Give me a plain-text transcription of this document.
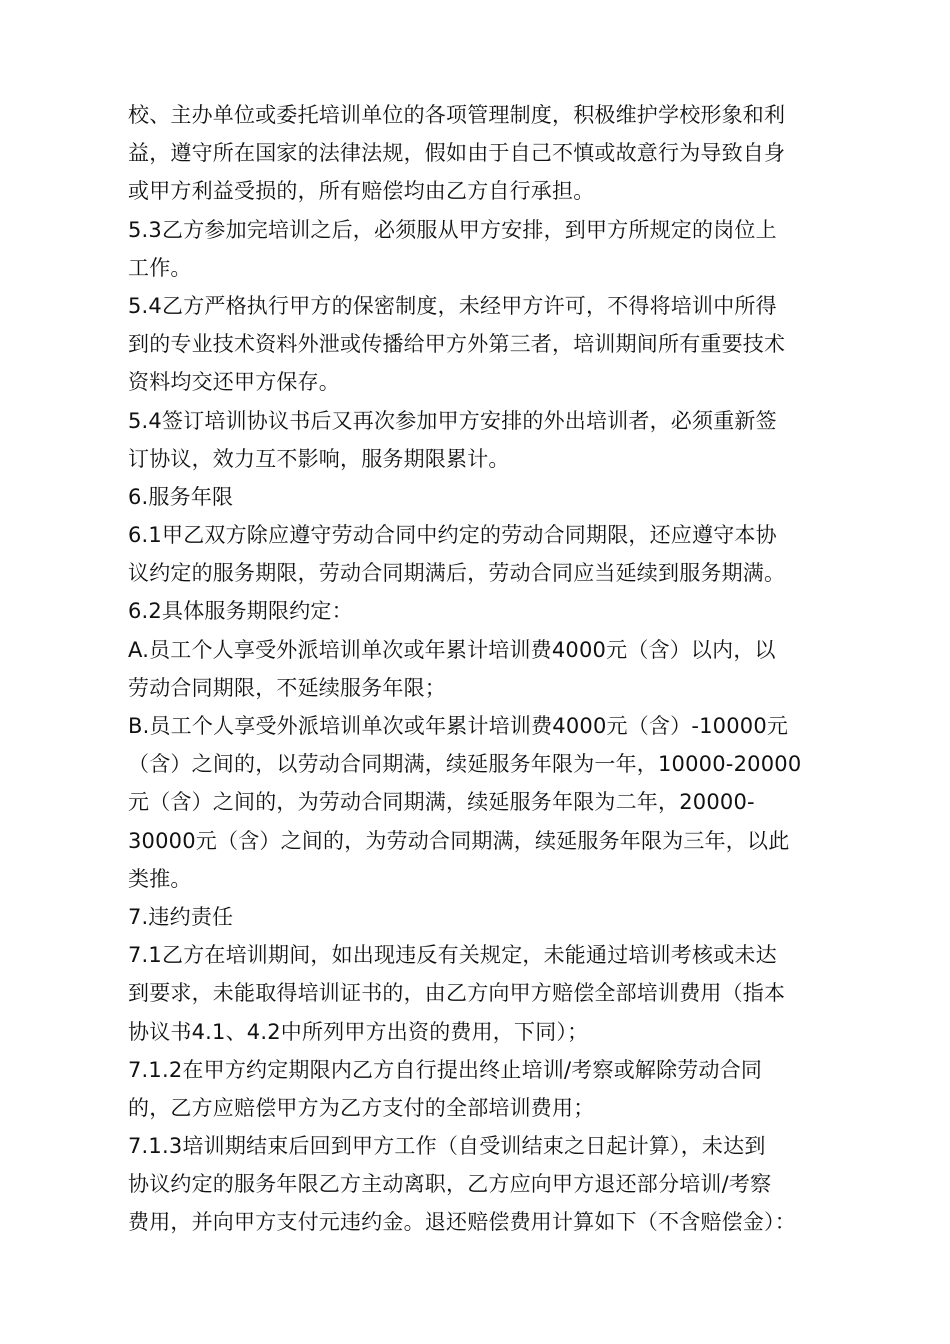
校、主办单位或委托培训单位的各项管理制度，积极维护学校形象和利
益，遵守所在国家的法律法规，假如由于自己不慎或故意行为导致自身
或甲方利益受损的，所有赔偿均由乙方自行承担。
5.3乙方参加完培训之后，必须服从甲方安排，到甲方所规定的岗位上
工作。
5.4乙方严格执行甲方的保密制度，未经甲方许可，不得将培训中所得
到的专业技术资料外泄或传播给甲方外第三者，培训期间所有重要技术
资料均交还甲方保存。
5.4签订培训协议书后又再次参加甲方安排的外出培训者，必须重新签
订协议，效力互不影响，服务期限累计。
6.服务年限
6.1甲乙双方除应遵守劳动合同中约定的劳动合同期限，还应遵守本协
议约定的服务期限，劳动合同期满后，劳动合同应当延续到服务期满。
6.2具体服务期限约定：
A.员工个人享受外派培训单次或年累计培训费4000元（含）以内，以
劳动合同期限，不延续服务年限；
B.员工个人享受外派培训单次或年累计培训费4000元（含）-10000元
（含）之间的，以劳动合同期满，续延服务年限为一年，10000-20000
元（含）之间的，为劳动合同期满，续延服务年限为二年，20000-
30000元（含）之间的，为劳动合同期满，续延服务年限为三年，以此
类推。
7.违约责任
7.1乙方在培训期间，如出现违反有关规定，未能通过培训考核或未达
到要求，未能取得培训证书的，由乙方向甲方赔偿全部培训费用（指本
协议书4.1、4.2中所列甲方出资的费用，下同）；
7.1.2在甲方约定期限内乙方自行提出终止培训/考察或解除劳动合同
的，乙方应赔偿甲方为乙方支付的全部培训费用；
7.1.3培训期结束后回到甲方工作（自受训结束之日起计算），未达到
协议约定的服务年限乙方主动离职，乙方应向甲方退还部分培训/考察
费用，并向甲方支付元违约金。退还赔偿费用计算如下（不含赔偿金）：
